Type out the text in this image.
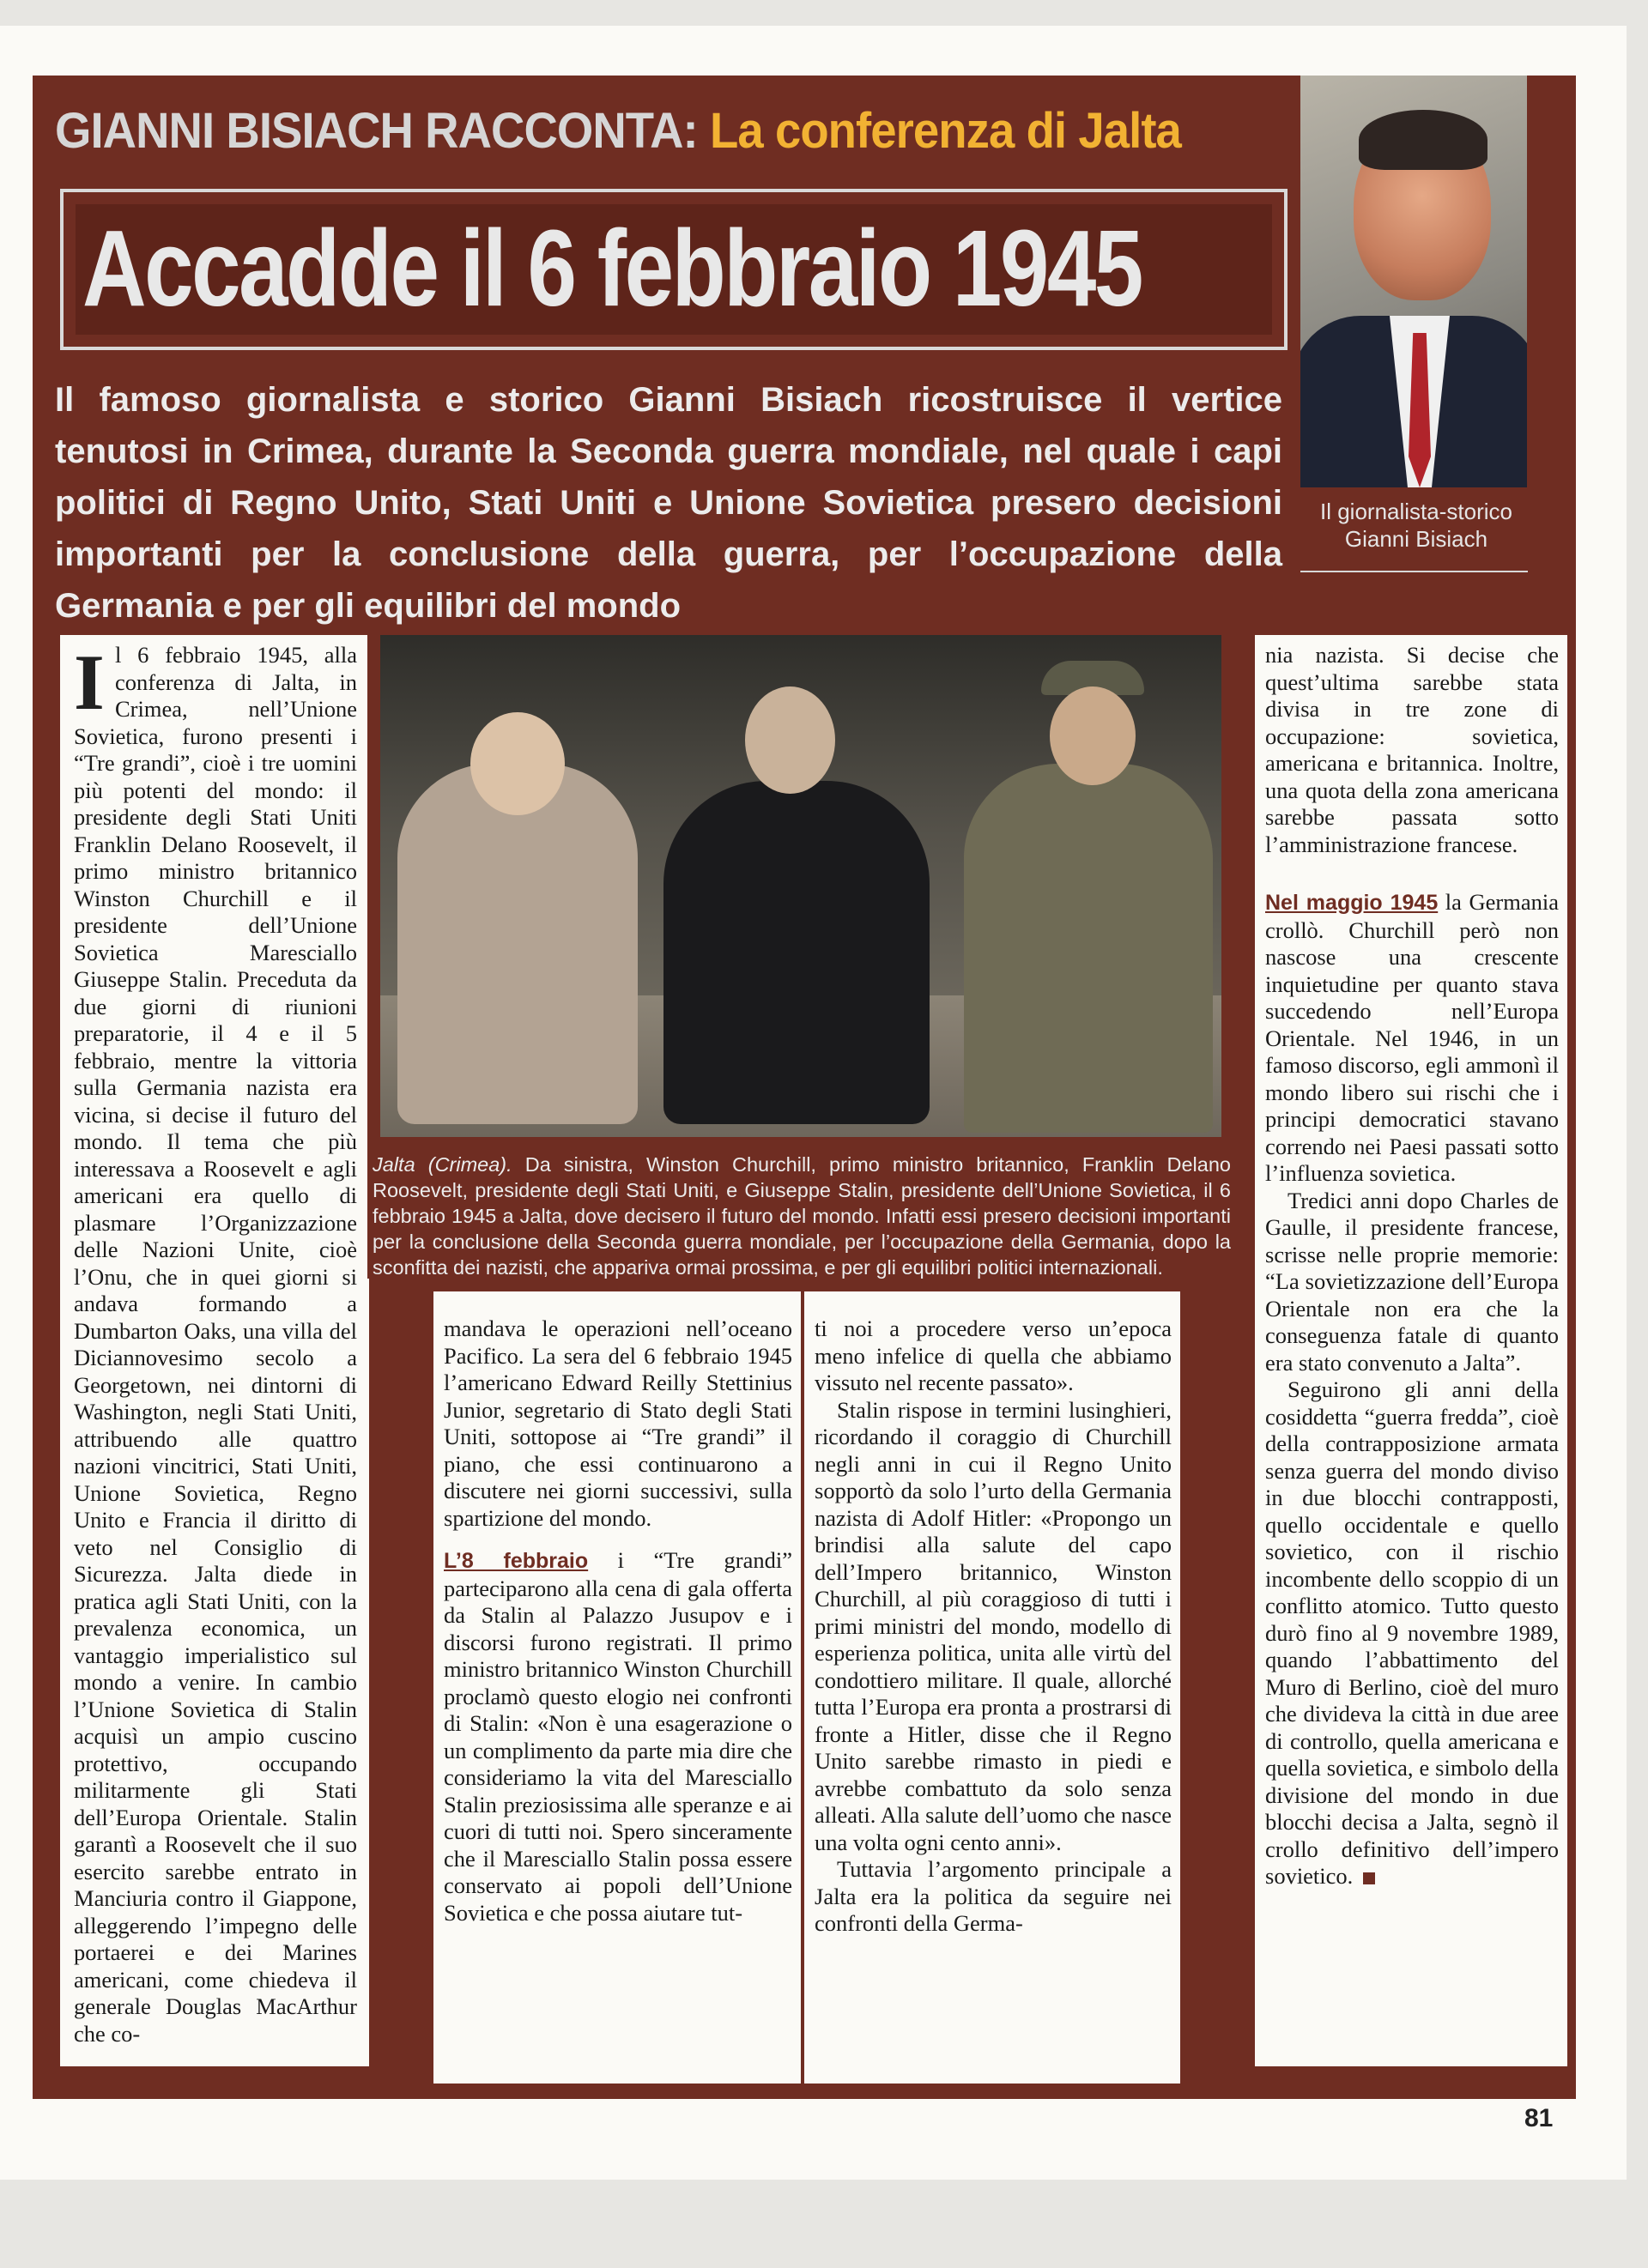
GIANNI BISIACH RACCONTA: La conferenza di Jalta
Accadde il 6 febbraio 1945
Il famoso giornalista e storico Gianni Bisiach ricostruisce il vertice tenutosi in Crimea, durante la Seconda guerra mondiale, nel quale i capi politici di Regno Unito, Stati Uniti e Unione Sovietica presero decisioni importanti per la conclusione della guerra, per l’occupazione della Germania e per gli equilibri del mondo
Il giornalista-storico
Gianni Bisiach

I l 6 febbraio 1945, alla conferenza di Jalta, in Crimea, nell’Unione Sovietica, furono presenti i “Tre grandi”, cioè i tre uomini più potenti del mondo: il presidente degli Stati Uniti Franklin Delano Roosevelt, il primo ministro britannico Winston Churchill e il presidente dell’Unione Sovietica Maresciallo Giuseppe Stalin. Preceduta da due giorni di riunioni preparatorie, il 4 e il 5 febbraio, mentre la vittoria sulla Germania nazista era vicina, si decise il futuro del mondo. Il tema che più interessava a Roosevelt e agli americani era quello di plasmare l’Organizzazione delle Nazioni Unite, cioè l’Onu, che in quei giorni si andava formando a Dumbarton Oaks, una villa del Diciannovesimo secolo a Georgetown, nei dintorni di Washington, negli Stati Uniti, attribuendo alle quattro nazioni vincitrici, Stati Uniti, Unione Sovietica, Regno Unito e Francia il diritto di veto nel Consiglio di Sicurezza. Jalta diede in pratica agli Stati Uniti, con la prevalenza economica, un vantaggio imperialistico sul mondo a venire. In cambio l’Unione Sovietica di Stalin acquisì un ampio cuscino protettivo, occupando militarmente gli Stati dell’Europa Orientale. Stalin garantì a Roosevelt che il suo esercito sarebbe entrato in Manciuria contro il Giappone, alleggerendo l’impegno delle portaerei e dei Marines americani, come chiedeva il generale Douglas MacArthur che co-

Jalta (Crimea). Da sinistra, Winston Churchill, primo ministro britannico, Franklin Delano Roosevelt, presidente degli Stati Uniti, e Giuseppe Stalin, presidente dell’Unione Sovietica, il 6 febbraio 1945 a Jalta, dove decisero il futuro del mondo. Infatti essi presero decisioni importanti per la conclusione della Seconda guerra mondiale, per l’occupazione della Germania, dopo la sconfitta dei nazisti, che appariva ormai prossima, e per gli equilibri politici internazionali.

mandava le operazioni nell’oceano Pacifico. La sera del 6 febbraio 1945 l’americano Edward Reilly Stettinius Junior, segretario di Stato degli Stati Uniti, sottopose ai “Tre grandi” il piano, che essi continuarono a discutere nei giorni successivi, sulla spartizione del mondo.

L’8 febbraio i “Tre grandi” parteciparono alla cena di gala offerta da Stalin al Palazzo Jusupov e i discorsi furono registrati. Il primo ministro britannico Winston Churchill proclamò questo elogio nei confronti di Stalin: «Non è una esagerazione o un complimento da parte mia dire che consideriamo la vita del Maresciallo Stalin preziosissima alle speranze e ai cuori di tutti noi. Spero sinceramente che il Maresciallo Stalin possa essere conservato ai popoli dell’Unione Sovietica e che possa aiutare tut-

ti noi a procedere verso un’epoca meno infelice di quella che abbiamo vissuto nel recente passato».

Stalin rispose in termini lusinghieri, ricordando il coraggio di Churchill negli anni in cui il Regno Unito sopportò da solo l’urto della Germania nazista di Adolf Hitler: «Propongo un brindisi alla salute del capo dell’Impero britannico, Winston Churchill, al più coraggioso di tutti i primi ministri del mondo, modello di esperienza politica, unita alle virtù del condottiero militare. Il quale, allorché tutta l’Europa era pronta a prostrarsi di fronte a Hitler, disse che il Regno Unito sarebbe rimasto in piedi e avrebbe combattuto da solo senza alleati. Alla salute dell’uomo che nasce una volta ogni cento anni».

Tuttavia l’argomento principale a Jalta era la politica da seguire nei confronti della Germa-

nia nazista. Si decise che quest’ultima sarebbe stata divisa in tre zone di occupazione: sovietica, americana e britannica. Inoltre, una quota della zona americana sarebbe passata sotto l’amministrazione francese.

Nel maggio 1945 la Germania crollò. Churchill però non nascose una crescente inquietudine per quanto stava succedendo nell’Europa Orientale. Nel 1946, in un famoso discorso, egli ammonì il mondo libero sui rischi che i principi democratici stavano correndo nei Paesi passati sotto l’influenza sovietica.

Tredici anni dopo Charles de Gaulle, il presidente francese, scrisse nelle proprie memorie: “La sovietizzazione dell’Europa Orientale non era che la conseguenza fatale di quanto era stato convenuto a Jalta”.

Seguirono gli anni della cosiddetta “guerra fredda”, cioè della contrapposizione armata senza guerra del mondo diviso in due blocchi contrapposti, quello occidentale e quello sovietico, con il rischio incombente dello scoppio di un conflitto atomico. Tutto questo durò fino al 9 novembre 1989, quando l’abbattimento del Muro di Berlino, cioè del muro che divideva la città in due aree di controllo, quella americana e quella sovietica, e simbolo della divisione del mondo in due blocchi decisa a Jalta, segnò il crollo definitivo dell’impero sovietico.

81
